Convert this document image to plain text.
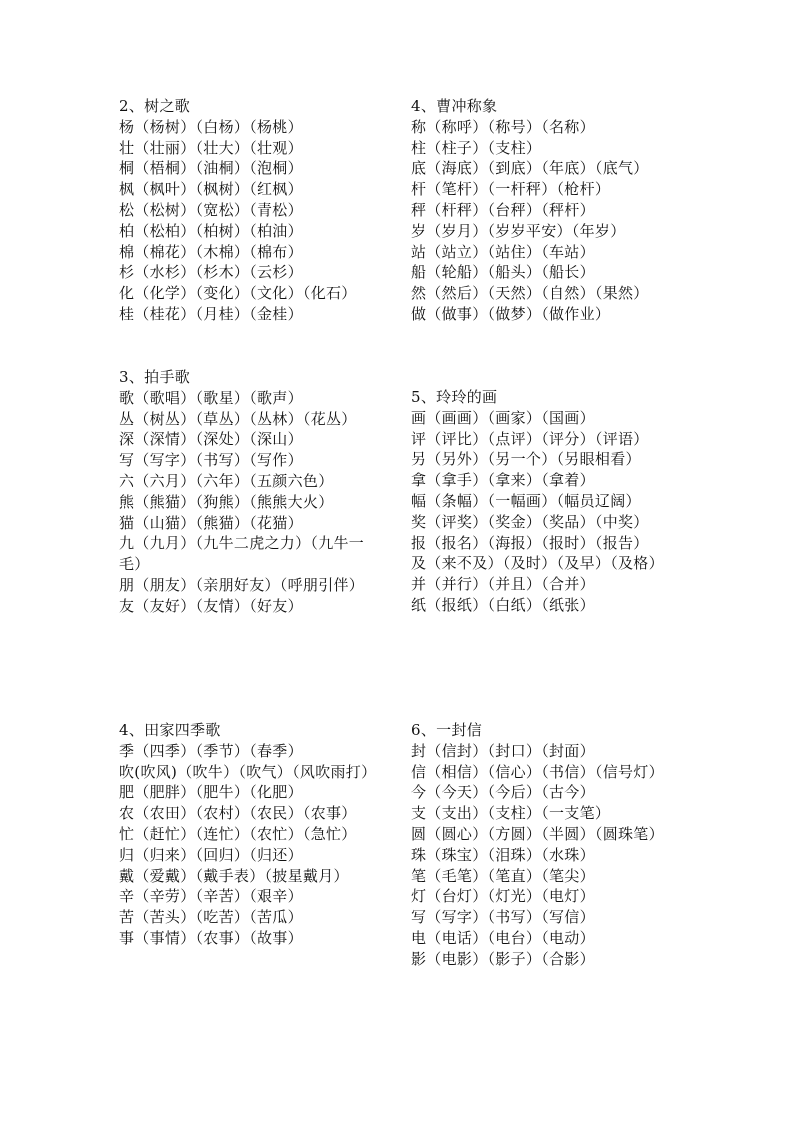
2、树之歌
杨（杨树）（白杨）（杨桃）
壮（壮丽）（壮大）（壮观）
桐（梧桐）（油桐）（泡桐）
枫（枫叶）（枫树）（红枫）
松（松树）（宽松）（青松）
柏（松柏）（柏树）（柏油）
棉（棉花）（木棉）（棉布）
杉（水杉）（杉木）（云杉）
化（化学）（变化）（文化）（化石）
桂（桂花）（月桂）（金桂）
4、曹冲称象
称（称呼）（称号）（名称）
柱（柱子）（支柱）
底（海底）（到底）（年底）（底气）
杆（笔杆）（一杆秤）（枪杆）
秤（杆秤）（台秤）（秤杆）
岁（岁月）（岁岁平安）（年岁）
站（站立）（站住）（车站）
船（轮船）（船头）（船长）
然（然后）（天然）（自然）（果然）
做（做事）（做梦）（做作业）
3、拍手歌
歌（歌唱）（歌星）（歌声）
丛（树丛）（草丛）（丛林）（花丛）
深（深情）（深处）（深山）
写（写字）（书写）（写作）
六（六月）（六年）（五颜六色）
熊（熊猫）（狗熊）（熊熊大火）
猫（山猫）（熊猫）（花猫）
九（九月）（九牛二虎之力）（九牛一
毛）
朋（朋友）（亲朋好友）（呼朋引伴）
友（友好）（友情）（好友）
5、玲玲的画
画（画画）（画家）（国画）
评（评比）（点评）（评分）（评语）
另（另外）（另一个）（另眼相看）
拿（拿手）（拿来）（拿着）
幅（条幅）（一幅画）（幅员辽阔）
奖（评奖）（奖金）（奖品）（中奖）
报（报名）（海报）（报时）（报告）
及（来不及）（及时）（及早）（及格）
并（并行）（并且）（合并）
纸（报纸）（白纸）（纸张）
4、田家四季歌
季（四季）（季节）（春季）
吹(吹风)（吹牛）（吹气）（风吹雨打）
肥（肥胖）（肥牛）（化肥）
农（农田）（农村）（农民）（农事）
忙（赶忙）（连忙）（农忙）（急忙）
归（归来）（回归）（归还）
戴（爱戴）（戴手表）（披星戴月）
辛（辛劳）（辛苦）（艰辛）
苦（苦头）（吃苦）（苦瓜）
事（事情）（农事）（故事）
6、一封信
封（信封）（封口）（封面）
信（相信）（信心）（书信）（信号灯）
今（今天）（今后）（古今）
支（支出）（支柱）（一支笔）
圆（圆心）（方圆）（半圆）（圆珠笔）
珠（珠宝）（泪珠）（水珠）
笔（毛笔）（笔直）（笔尖）
灯（台灯）（灯光）（电灯）
写（写字）（书写）（写信）
电（电话）（电台）（电动）
影（电影）（影子）（合影）
